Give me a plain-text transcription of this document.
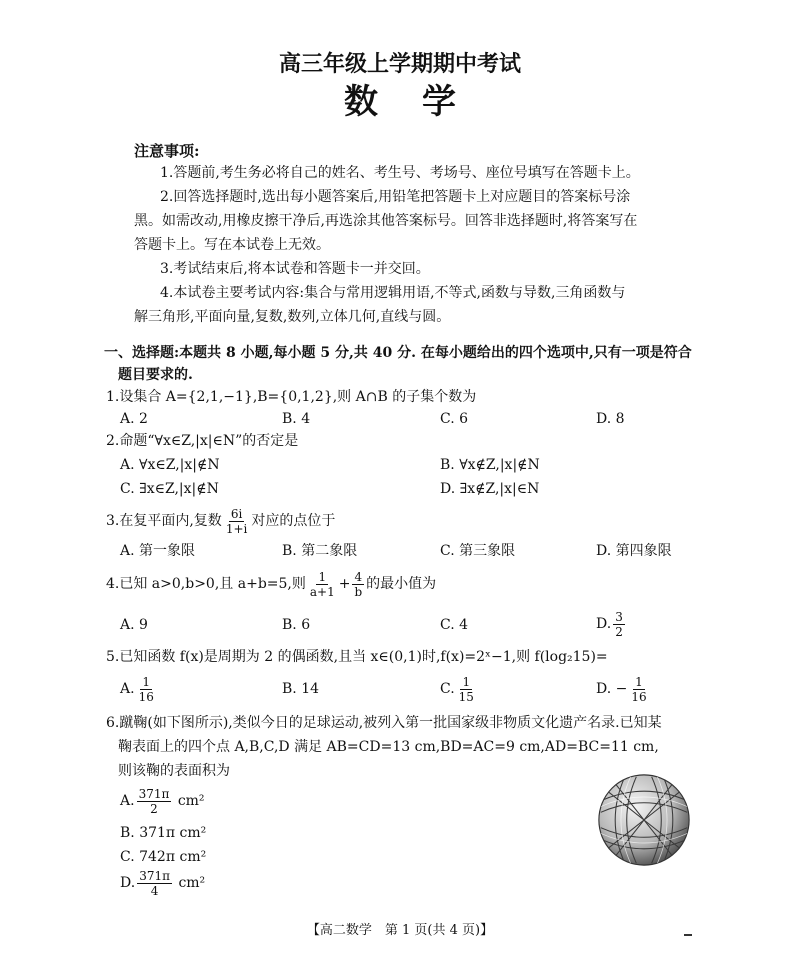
高三年级上学期期中考试
数学
注意事项:
1.答题前,考生务必将自己的姓名、考生号、考场号、座位号填写在答题卡上。
2.回答选择题时,选出每小题答案后,用铅笔把答题卡上对应题目的答案标号涂
黑。如需改动,用橡皮擦干净后,再选涂其他答案标号。回答非选择题时,将答案写在
答题卡上。写在本试卷上无效。
3.考试结束后,将本试卷和答题卡一并交回。
4.本试卷主要考试内容:集合与常用逻辑用语,不等式,函数与导数,三角函数与
解三角形,平面向量,复数,数列,立体几何,直线与圆。
一、选择题:本题共 8 小题,每小题 5 分,共 40 分. 在每小题给出的四个选项中,只有一项是符合
题目要求的.
1.设集合 A={2,1,−1},B={0,1,2},则 A∩B 的子集个数为
A. 2	B. 4	C. 6	D. 8
2.命题“∀x∈Z,|x|∈N”的否定是
A. ∀x∈Z,|x|∉N	B. ∀x∉Z,|x|∉N
C. ∃x∈Z,|x|∉N	D. ∃x∉Z,|x|∈N
3.在复平面内,复数 $\frac{6i}{1+i}$ 对应的点位于
A. 第一象限	B. 第二象限	C. 第三象限	D. 第四象限
4.已知 a>0,b>0,且 a+b=5,则 $\frac{1}{a+1} + \frac{4}{b}$ 的最小值为
A. 9	B. 6	C. 4	D. $\frac{3}{2}$
5.已知函数 f(x)是周期为 2 的偶函数,且当 x∈(0,1)时,f(x)=2ˣ−1,则 f(log₂15)=
A. $\frac{1}{16}$	B. 14	C. $\frac{1}{15}$	D. − $\frac{1}{16}$
6.蹴鞠(如下图所示),类似今日的足球运动,被列入第一批国家级非物质文化遗产名录.已知某
鞠表面上的四个点 A,B,C,D 满足 AB=CD=13 cm,BD=AC=9 cm,AD=BC=11 cm,
则该鞠的表面积为
A. $\frac{371\pi}{2} cm^2$
B. 371π cm²
C. 742π cm²
D. $\frac{371\pi}{4} cm^2$
【高二数学　第 1 页(共 4 页)】
